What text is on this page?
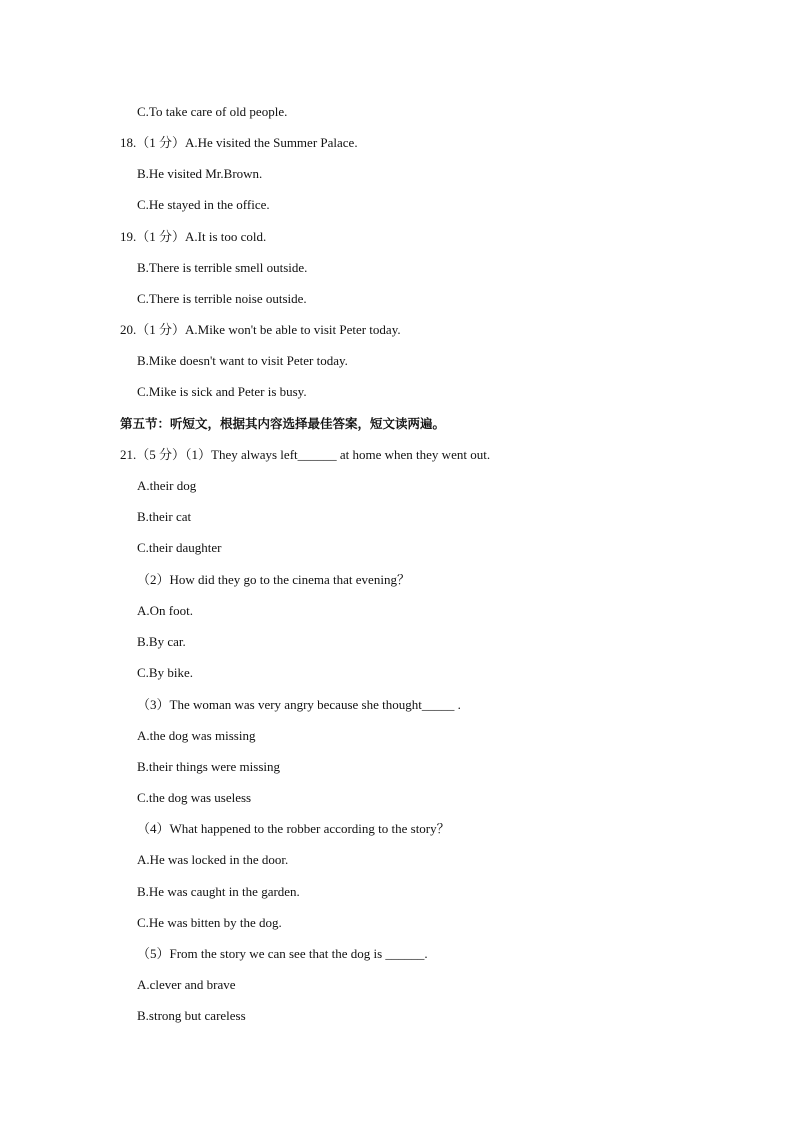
C.To take care of old people.
18.（1 分）A.He visited the Summer Palace.
B.He visited Mr.Brown.
C.He stayed in the office.
19.（1 分）A.It is too cold.
B.There is terrible smell outside.
C.There is terrible noise outside.
20.（1 分）A.Mike won't be able to visit Peter today.
B.Mike doesn't want to visit Peter today.
C.Mike is sick and Peter is busy.
第五节：听短文，根据其内容选择最佳答案，短文读两遍。
21.（5 分）（1）They always left______ at home when they went out.
A.their dog
B.their cat
C.their daughter
（2）How did they go to the cinema that evening？
A.On foot.
B.By car.
C.By bike.
（3）The woman was very angry because she thought_____ .
A.the dog was missing
B.their things were missing
C.the dog was useless
（4）What happened to the robber according to the story？
A.He was locked in the door.
B.He was caught in the garden.
C.He was bitten by the dog.
（5）From the story we can see that the dog is ______.
A.clever and brave
B.strong but careless
